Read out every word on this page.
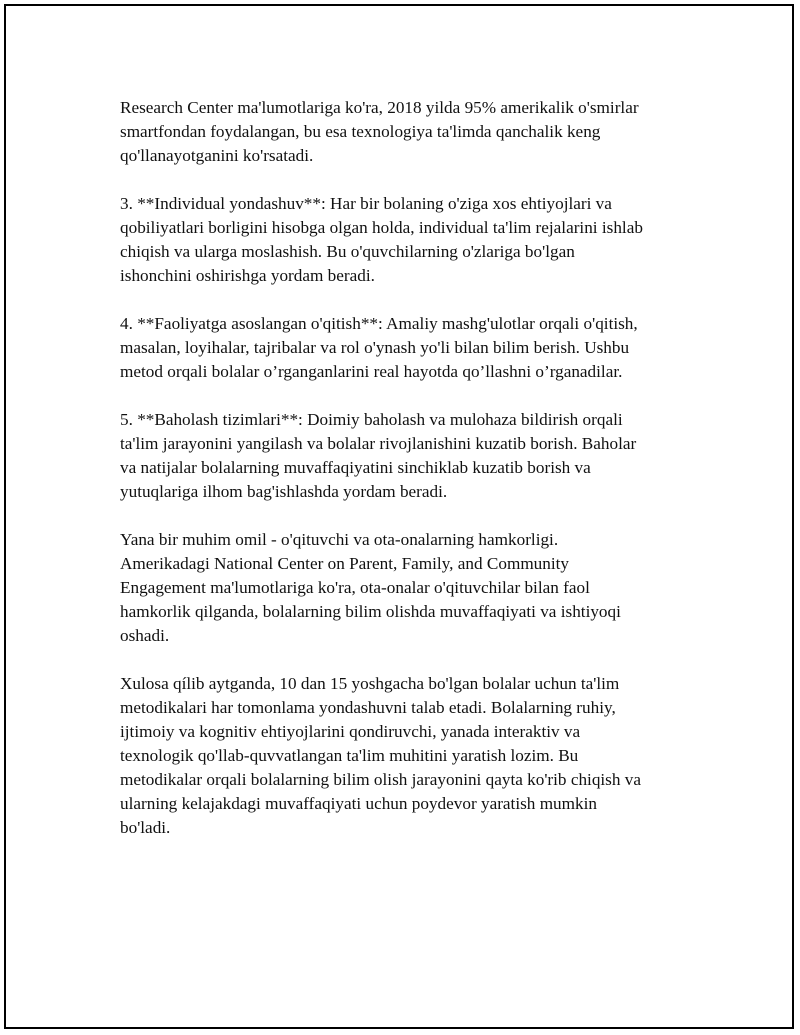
Research Center ma'lumotlariga ko'ra, 2018 yilda 95% amerikalik o'smirlar
smartfondan foydalangan, bu esa texnologiya ta'limda qanchalik keng
qo'llanayotganini ko'rsatadi.

3. **Individual yondashuv**: Har bir bolaning o'ziga xos ehtiyojlari va
qobiliyatlari borligini hisobga olgan holda, individual ta'lim rejalarini ishlab
chiqish va ularga moslashish. Bu o'quvchilarning o'zlariga bo'lgan
ishonchini oshirishga yordam beradi.

4. **Faoliyatga asoslangan o'qitish**: Amaliy mashg'ulotlar orqali o'qitish,
masalan, loyihalar, tajribalar va rol o'ynash yo'li bilan bilim berish. Ushbu
metod orqali bolalar o’rganganlarini real hayotda qo’llashni o’rganadilar.

5. **Baholash tizimlari**: Doimiy baholash va mulohaza bildirish orqali
ta'lim jarayonini yangilash va bolalar rivojlanishini kuzatib borish. Baholar
va natijalar bolalarning muvaffaqiyatini sinchiklab kuzatib borish va
yutuqlariga ilhom bag'ishlashda yordam beradi.

Yana bir muhim omil - o'qituvchi va ota-onalarning hamkorligi.
Amerikadagi National Center on Parent, Family, and Community
Engagement ma'lumotlariga ko'ra, ota-onalar o'qituvchilar bilan faol
hamkorlik qilganda, bolalarning bilim olishda muvaffaqiyati va ishtiyoqi
oshadi.

Xulosa qílib aytganda, 10 dan 15 yoshgacha bo'lgan bolalar uchun ta'lim
metodikalari har tomonlama yondashuvni talab etadi. Bolalarning ruhiy,
ijtimoiy va kognitiv ehtiyojlarini qondiruvchi, yanada interaktiv va
texnologik qo'llab-quvvatlangan ta'lim muhitini yaratish lozim. Bu
metodikalar orqali bolalarning bilim olish jarayonini qayta ko'rib chiqish va
ularning kelajakdagi muvaffaqiyati uchun poydevor yaratish mumkin
bo'ladi.
